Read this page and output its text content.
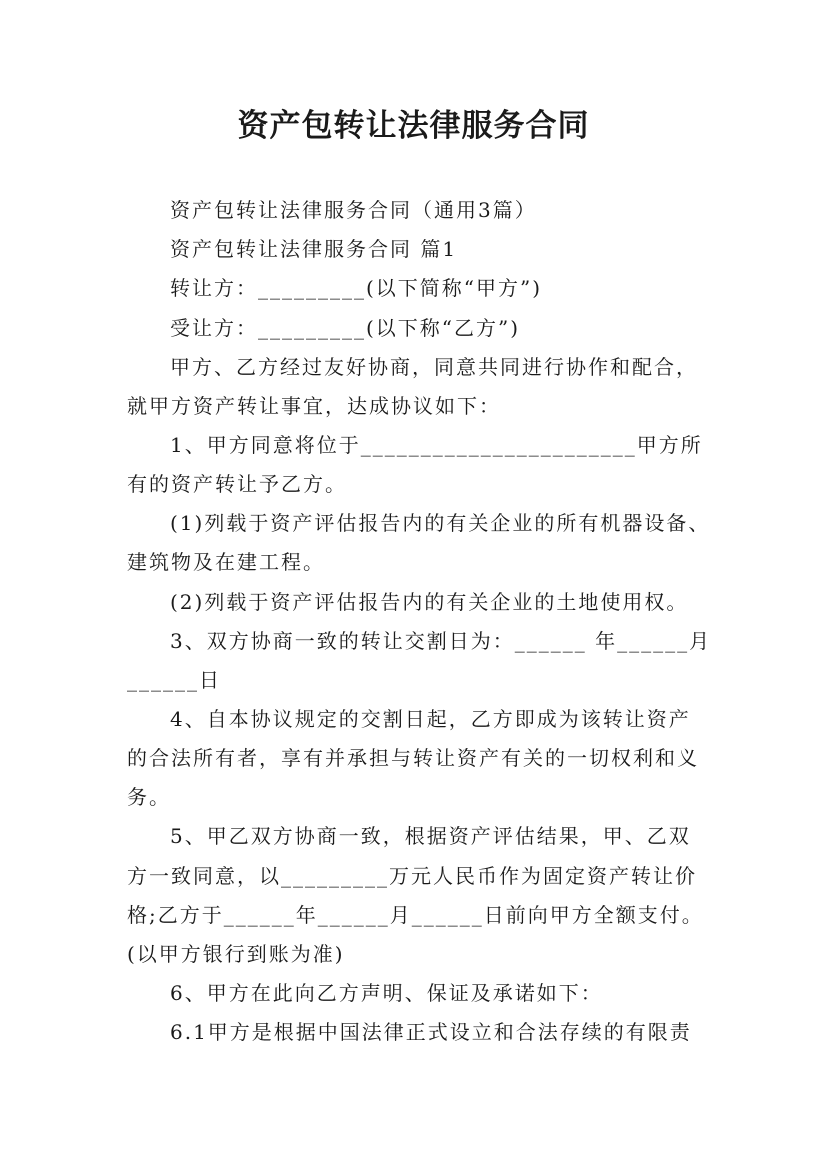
资产包转让法律服务合同
资产包转让法律服务合同（通用3篇）
资产包转让法律服务合同 篇1
转让方：_________(以下简称“甲方”)
受让方：_________(以下称“乙方”)
甲方、乙方经过友好协商，同意共同进行协作和配合，
就甲方资产转让事宜，达成协议如下：
1、甲方同意将位于_______________________甲方所
有的资产转让予乙方。
(1)列载于资产评估报告内的有关企业的所有机器设备、
建筑物及在建工程。
(2)列载于资产评估报告内的有关企业的土地使用权。
3、双方协商一致的转让交割日为：______ 年______月
______日
4、自本协议规定的交割日起，乙方即成为该转让资产
的合法所有者，享有并承担与转让资产有关的一切权利和义
务。
5、甲乙双方协商一致，根据资产评估结果，甲、乙双
方一致同意，以_________万元人民币作为固定资产转让价
格;乙方于______年______月______日前向甲方全额支付。
(以甲方银行到账为准)
6、甲方在此向乙方声明、保证及承诺如下：
6.1甲方是根据中国法律正式设立和合法存续的有限责
